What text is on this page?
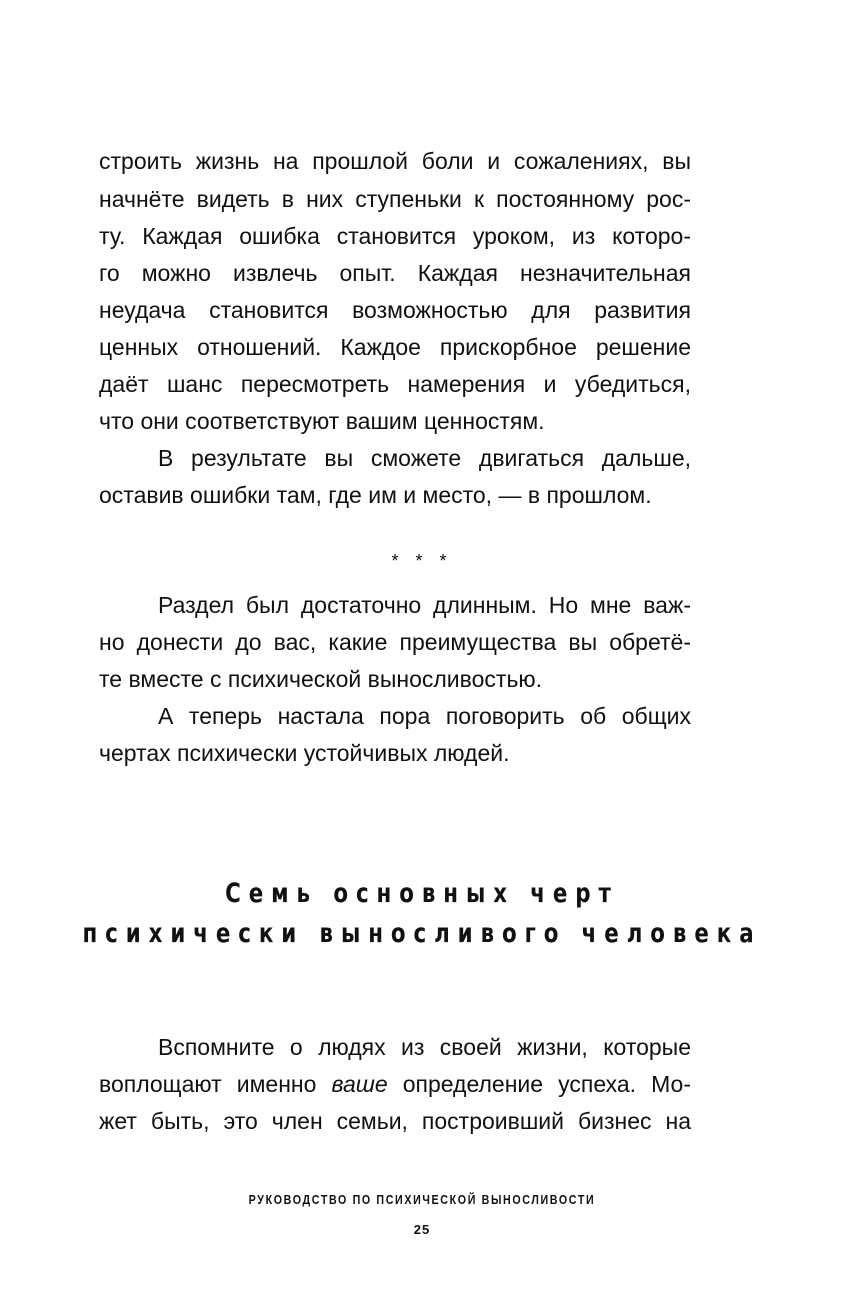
строить жизнь на прошлой боли и сожалениях, вы
начнёте видеть в них ступеньки к постоянному рос-
ту. Каждая ошибка становится уроком, из которо-
го можно извлечь опыт. Каждая незначительная
неудача становится возможностью для развития
ценных отношений. Каждое прискорбное решение
даёт шанс пересмотреть намерения и убедиться,
что они соответствуют вашим ценностям.
В результате вы сможете двигаться дальше,
оставив ошибки там, где им и место, — в прошлом.
* * *
Раздел был достаточно длинным. Но мне важ-
но донести до вас, какие преимущества вы обретё-
те вместе с психической выносливостью.
А теперь настала пора поговорить об общих
чертах психически устойчивых людей.
Семь основных черт
психически выносливого человека
Вспомните о людях из своей жизни, которые
воплощают именно ваше определение успеха. Мо-
жет быть, это член семьи, построивший бизнес на
РУКОВОДСТВО ПО ПСИХИЧЕСКОЙ ВЫНОСЛИВОСТИ
25
